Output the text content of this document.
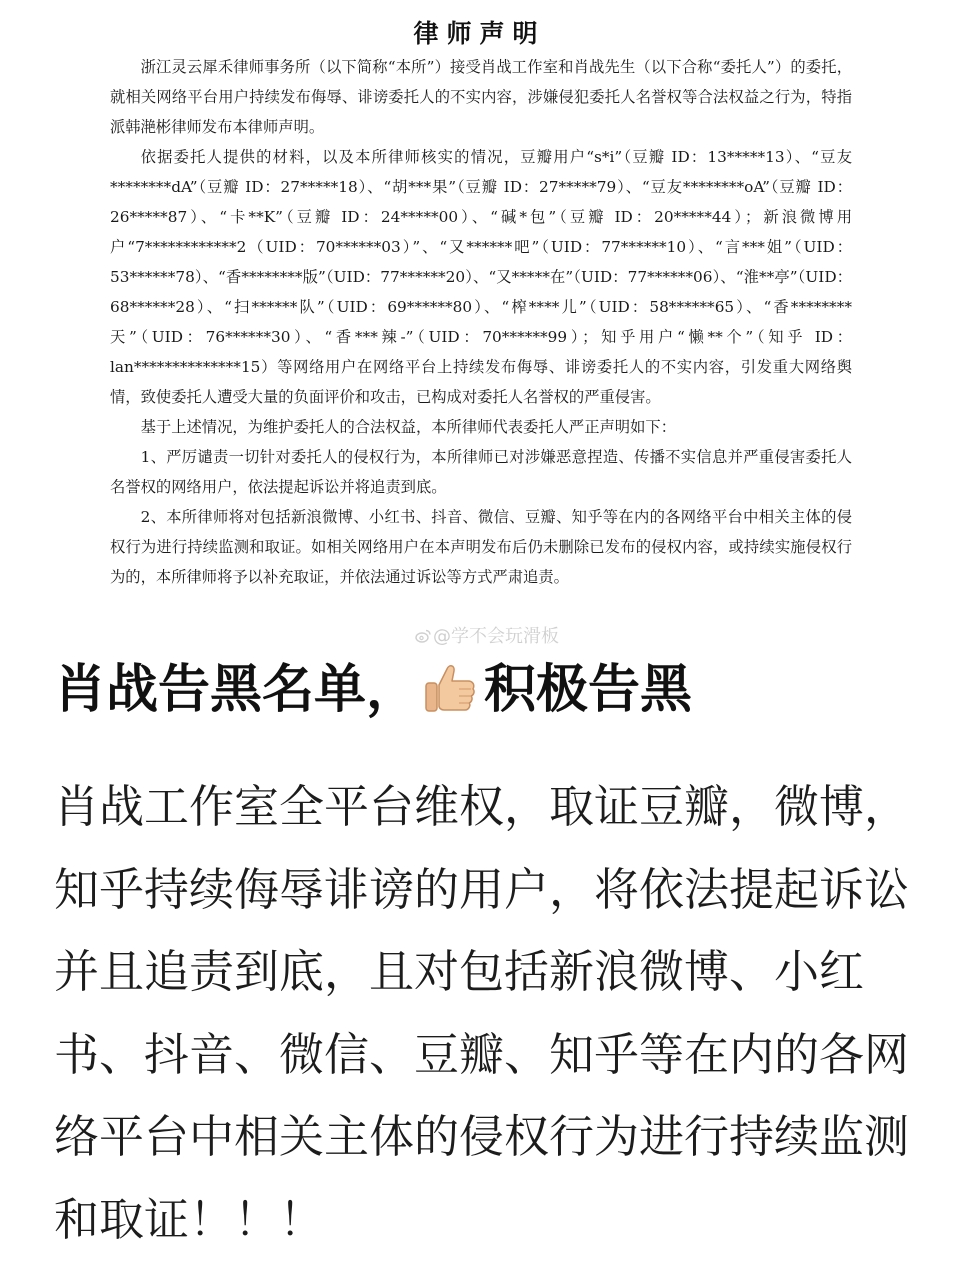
律师声明

浙江灵云犀禾律师事务所（以下简称“本所”）接受肖战工作室和肖战先生（以下合称“委托人”）的委托，就相关网络平台用户持续发布侮辱、诽谤委托人的不实内容，涉嫌侵犯委托人名誉权等合法权益之行为，特指派韩滟彬律师发布本律师声明。

依据委托人提供的材料，以及本所律师核实的情况，豆瓣用户“s*i”（豆瓣 ID：13*****13）、“豆友********dA”（豆瓣 ID：27*****18）、“胡***果”（豆瓣 ID：27*****79）、“豆友********oA”（豆瓣 ID：26*****87）、“卡**K”（豆瓣 ID：24*****00）、“碱*包”（豆瓣 ID：20*****44）；新浪微博用户“7************2（UID：70******03）”、“又******吧”（UID：77******10）、“言***姐”（UID：53******78）、“香********版”（UID：77******20）、“又*****在”（UID：77******06）、“淮**亭”（UID：68******28）、“扫******队”（UID：69******80）、“榨****儿”（UID：58******65）、“香********天”（UID：76******30）、“香***辣-”（UID：70******99）；知乎用户“懒**个”（知乎 ID：lan**************15）等网络用户在网络平台上持续发布侮辱、诽谤委托人的不实内容，引发重大网络舆情，致使委托人遭受大量的负面评价和攻击，已构成对委托人名誉权的严重侵害。

基于上述情况，为维护委托人的合法权益，本所律师代表委托人严正声明如下：

1、严厉谴责一切针对委托人的侵权行为，本所律师已对涉嫌恶意捏造、传播不实信息并严重侵害委托人名誉权的网络用户，依法提起诉讼并将追责到底。

2、本所律师将对包括新浪微博、小红书、抖音、微信、豆瓣、知乎等在内的各网络平台中相关主体的侵权行为进行持续监测和取证。如相关网络用户在本声明发布后仍未删除已发布的侵权内容，或持续实施侵权行为的，本所律师将予以补充取证，并依法通过诉讼等方式严肃追责。

@学不会玩滑板
肖战告黑名单， 积极告黑
肖战工作室全平台维权，取证豆瓣，微博，知乎持续侮辱诽谤的用户，将依法提起诉讼并且追责到底，且对包括新浪微博、小红书、抖音、微信、豆瓣、知乎等在内的各网络平台中相关主体的侵权行为进行持续监测和取证！！！
